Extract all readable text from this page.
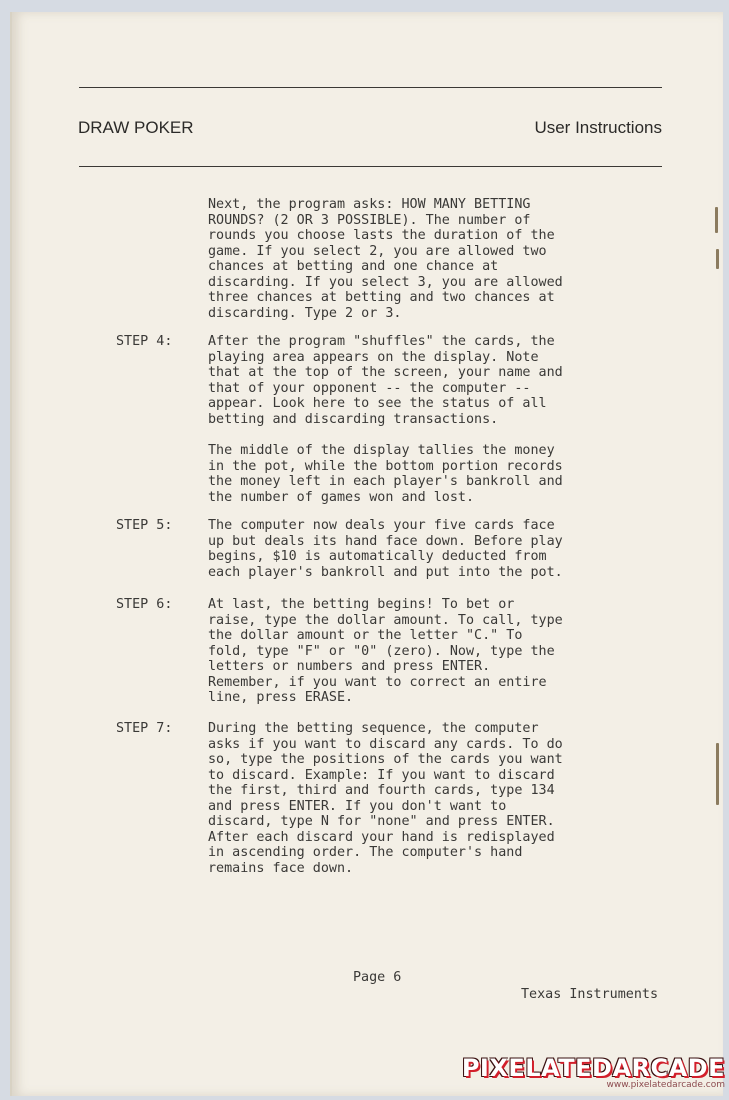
DRAW POKER	User Instructions
Next, the program asks: HOW MANY BETTING
ROUNDS? (2 OR 3 POSSIBLE). The number of
rounds you choose lasts the duration of the
game. If you select 2, you are allowed two
chances at betting and one chance at
discarding. If you select 3, you are allowed
three chances at betting and two chances at
discarding. Type 2 or 3.
STEP 4:	After the program "shuffles" the cards, the
playing area appears on the display. Note
that at the top of the screen, your name and
that of your opponent -- the computer --
appear. Look here to see the status of all
betting and discarding transactions.
The middle of the display tallies the money
in the pot, while the bottom portion records
the money left in each player's bankroll and
the number of games won and lost.
STEP 5:	The computer now deals your five cards face
up but deals its hand face down. Before play
begins, $10 is automatically deducted from
each player's bankroll and put into the pot.
STEP 6:	At last, the betting begins! To bet or
raise, type the dollar amount. To call, type
the dollar amount or the letter "C." To
fold, type "F" or "0" (zero). Now, type the
letters or numbers and press ENTER.
Remember, if you want to correct an entire
line, press ERASE.
STEP 7:	During the betting sequence, the computer
asks if you want to discard any cards. To do
so, type the positions of the cards you want
to discard. Example: If you want to discard
the first, third and fourth cards, type 134
and press ENTER. If you don't want to
discard, type N for "none" and press ENTER.
After each discard your hand is redisplayed
in ascending order. The computer's hand
remains face down.
Page 6
Texas Instruments
PIXELATEDARCADE
www.pixelatedarcade.com
